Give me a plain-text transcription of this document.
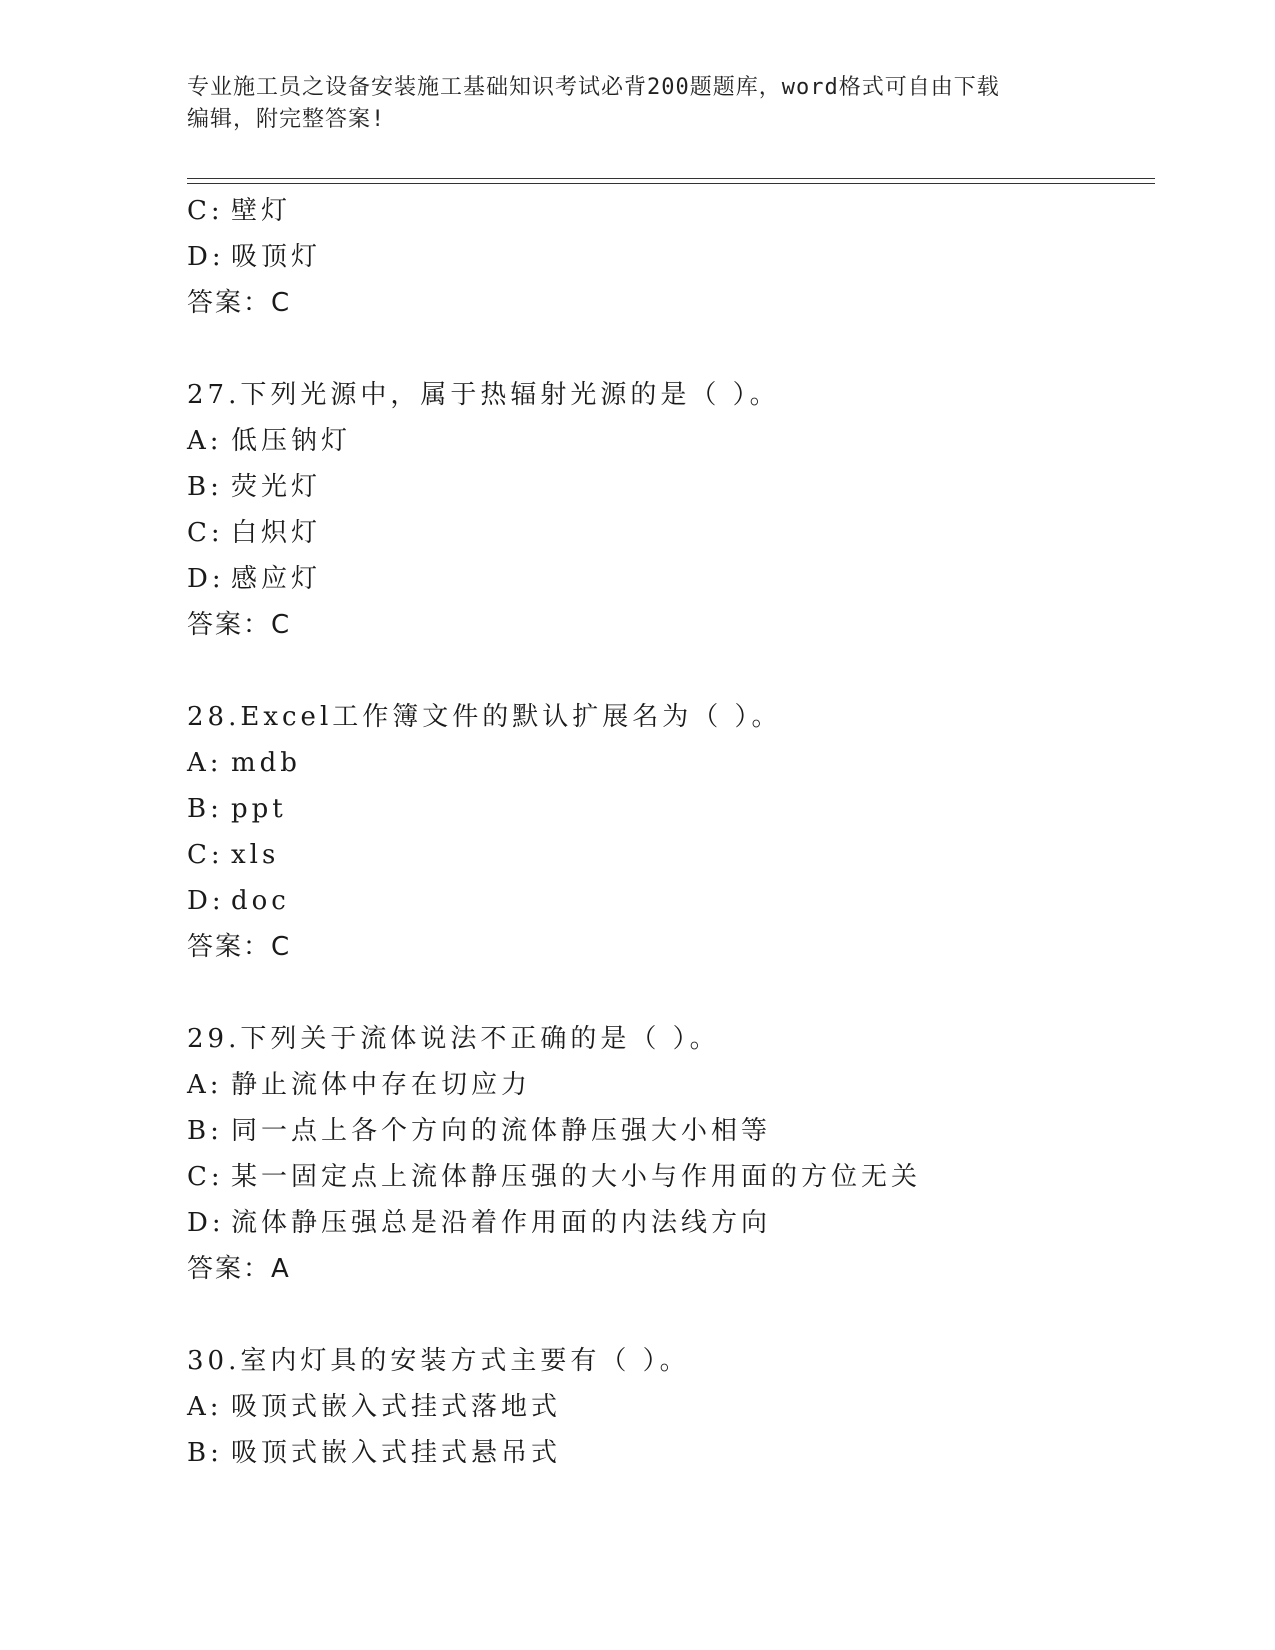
专业施工员之设备安装施工基础知识考试必背200题题库，word格式可自由下载
编辑，附完整答案!
C: 壁灯
D: 吸顶灯
答案：C
27.下列光源中，属于热辐射光源的是（ ）。
A: 低压钠灯
B: 荧光灯
C: 白炽灯
D: 感应灯
答案：C
28.Excel工作簿文件的默认扩展名为（ ）。
A: mdb
B: ppt
C: xls
D: doc
答案：C
29.下列关于流体说法不正确的是（ ）。
A: 静止流体中存在切应力
B: 同一点上各个方向的流体静压强大小相等
C: 某一固定点上流体静压强的大小与作用面的方位无关
D: 流体静压强总是沿着作用面的内法线方向
答案：A
30.室内灯具的安装方式主要有（ ）。
A: 吸顶式嵌入式挂式落地式
B: 吸顶式嵌入式挂式悬吊式
